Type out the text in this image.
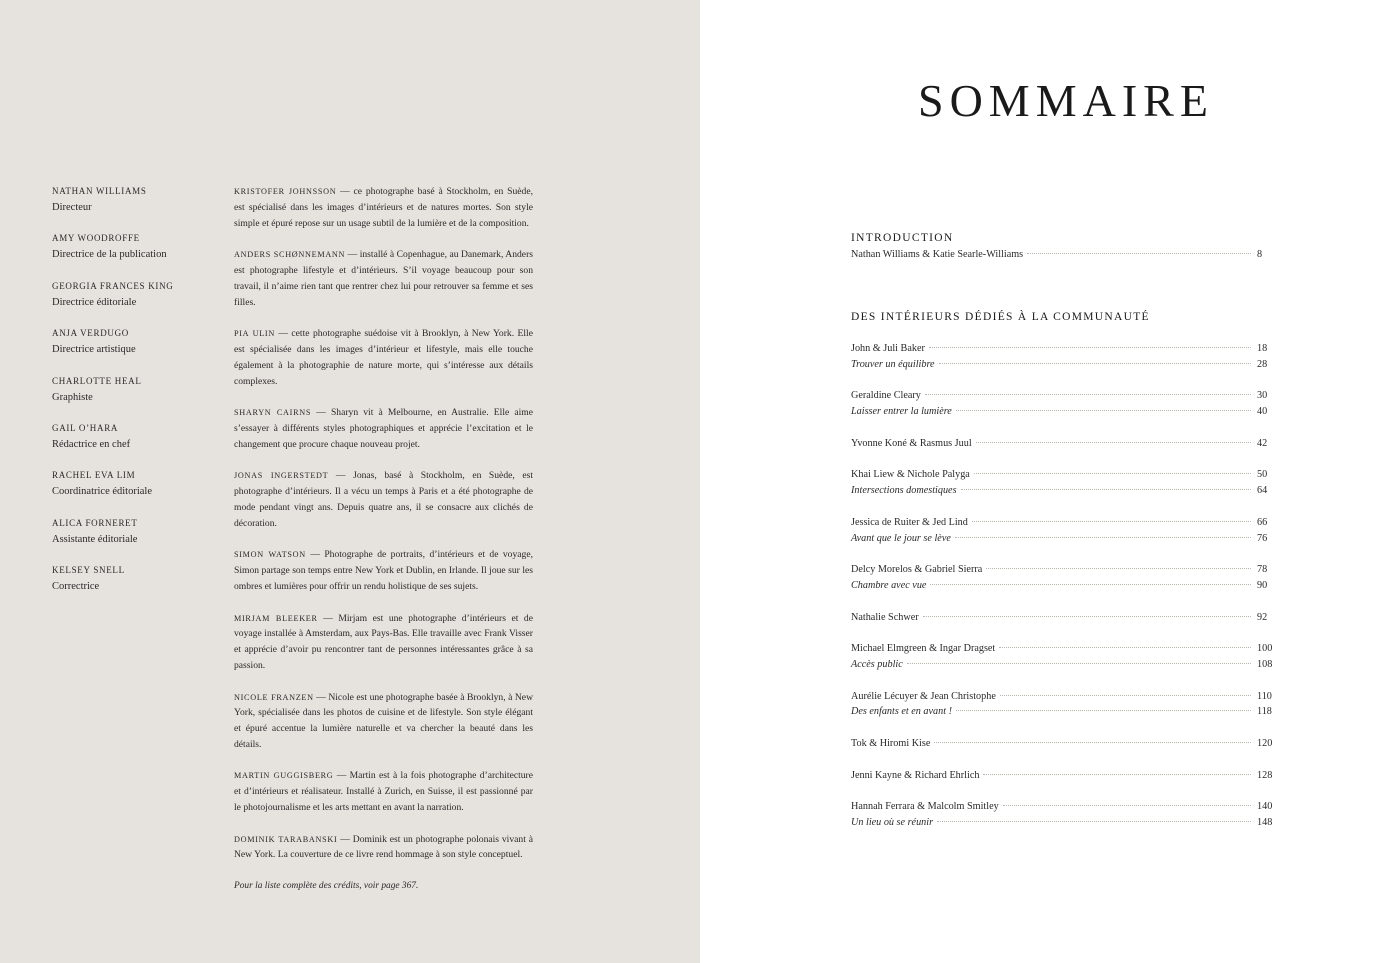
NATHAN WILLIAMS
Directeur
AMY WOODROFFE
Directrice de la publication
GEORGIA FRANCES KING
Directrice éditoriale
ANJA VERDUGO
Directrice artistique
CHARLOTTE HEAL
Graphiste
GAIL O’HARA
Rédactrice en chef
RACHEL EVA LIM
Coordinatrice éditoriale
ALICA FORNERET
Assistante éditoriale
KELSEY SNELL
Correctrice

KRISTOFER JOHNSSON — ce photographe basé à Stockholm, en Suède, est spécialisé dans les images d’intérieurs et de natures mortes. Son style simple et épuré repose sur un usage subtil de la lumière et de la composition.

ANDERS SCHØNNEMANN — installé à Copenhague, au Danemark, Anders est photographe lifestyle et d’intérieurs. S’il voyage beaucoup pour son travail, il n’aime rien tant que rentrer chez lui pour retrouver sa femme et ses filles.

PIA ULIN — cette photographe suédoise vit à Brooklyn, à New York. Elle est spécialisée dans les images d’intérieur et lifestyle, mais elle touche également à la photographie de nature morte, qui s’intéresse aux détails complexes.

SHARYN CAIRNS — Sharyn vit à Melbourne, en Australie. Elle aime s’essayer à différents styles photographiques et apprécie l’excitation et le changement que procure chaque nouveau projet.

JONAS INGERSTEDT — Jonas, basé à Stockholm, en Suède, est photographe d’intérieurs. Il a vécu un temps à Paris et a été photographe de mode pendant vingt ans. Depuis quatre ans, il se consacre aux clichés de décoration.

SIMON WATSON — Photographe de portraits, d’intérieurs et de voyage, Simon partage son temps entre New York et Dublin, en Irlande. Il joue sur les ombres et lumières pour offrir un rendu holistique de ses sujets.

MIRJAM BLEEKER — Mirjam est une photographe d’intérieurs et de voyage installée à Amsterdam, aux Pays-Bas. Elle travaille avec Frank Visser et apprécie d’avoir pu rencontrer tant de personnes intéressantes grâce à sa passion.

NICOLE FRANZEN — Nicole est une photographe basée à Brooklyn, à New York, spécialisée dans les photos de cuisine et de lifestyle. Son style élégant et épuré accentue la lumière naturelle et va chercher la beauté dans les détails.

MARTIN GUGGISBERG — Martin est à la fois photographe d’architecture et d’intérieurs et réalisateur. Installé à Zurich, en Suisse, il est passionné par le photojournalisme et les arts mettant en avant la narration.

DOMINIK TARABANSKI — Dominik est un photographe polonais vivant à New York. La couverture de ce livre rend hommage à son style conceptuel.

Pour la liste complète des crédits, voir page 367.

SOMMAIRE
INTRODUCTION
Nathan Williams & Katie Searle-Williams	8
DES INTÉRIEURS DÉDIÉS À LA COMMUNAUTÉ
John & Juli Baker	18
Trouver un équilibre	28
Geraldine Cleary	30
Laisser entrer la lumière	40
Yvonne Koné & Rasmus Juul	42
Khai Liew & Nichole Palyga	50
Intersections domestiques	64
Jessica de Ruiter & Jed Lind	66
Avant que le jour se lève	76
Delcy Morelos & Gabriel Sierra	78
Chambre avec vue	90
Nathalie Schwer	92
Michael Elmgreen & Ingar Dragset	100
Accès public	108
Aurélie Lécuyer & Jean Christophe	110
Des enfants et en avant !	118
Tok & Hiromi Kise	120
Jenni Kayne & Richard Ehrlich	128
Hannah Ferrara & Malcolm Smitley	140
Un lieu où se réunir	148
